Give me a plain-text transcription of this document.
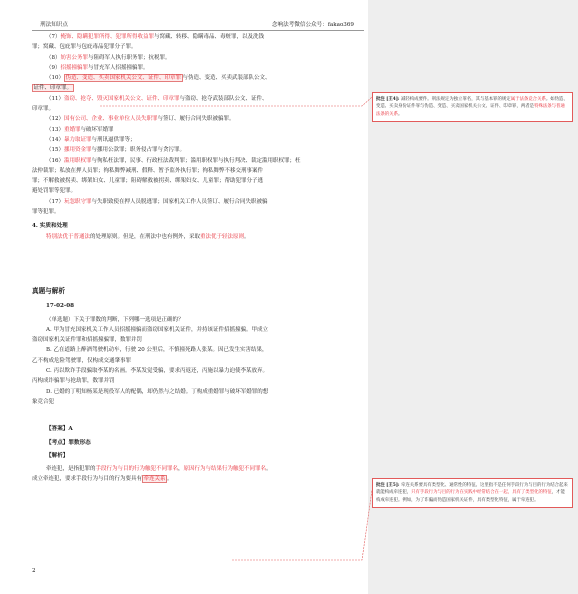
刑法知识点	念响法考微信公众号：fakao369

（7）掩饰、隐瞒犯罪所得、犯罪所得收益罪与窝藏、转移、隐瞒毒品、毒赃罪，以及洗钱

罪；窝藏、包庇罪与包庇毒品犯罪分子罪。

（8）妨害公务罪与阻碍军人执行职务罪；抗税罪。

（9）招摇撞骗罪与冒充军人招摇撞骗罪。

（10） 伪造、变造、买卖国家机关公文、证件、印章罪 与伪造、变造、买卖武装部队公文、

证件、印章罪。

（11）盗窃、抢夺、毁灭国家机关公文、证件、印章罪与盗窃、抢夺武装部队公文、证件、

印章罪。

（12）国有公司、企业、事业单位人员失职罪与签订、履行合同失职被骗罪。

（13）重婚罪与破坏军婚罪

（14）暴力取证罪与刑讯逼供罪等；

（15）挪用资金罪与挪用公款罪；职务侵占罪与贪污罪。

（16）滥用职权罪与徇私枉法罪，民事、行政枉法裁判罪；滥用职权罪与执行判决、裁定滥用职权罪；枉

法仲裁罪；私放在押人员罪；徇私舞弊减刑、假释、暂予监外执行罪；徇私舞弊不移交刑事案件

罪；不解救被拐卖、绑架妇女、儿童罪；阻碍解救被拐卖、绑架妇女、儿童罪；帮助犯罪分子逃

避处罚罪等犯罪。

（17）玩忽职守罪与失职致使在押人员脱逃罪；国家机关工作人员签订、履行合同失职被骗

罪等犯罪。

4. 实质和处理

特别法优于普通法的处理原则。但是，在刑法中也有例外，采取重法优于轻法原则。

真题与解析

17-02-08

（单选题）下关于罪数的判断，下列哪一选项是正确的？

A. 甲为冒充国家机关工作人员招摇撞骗而盗窃国家机关证件，并持该证件招摇撞骗。甲成立

盗窃国家机关证件罪和招摇撞骗罪，数罪并罚

B. 乙在道路上醉酒驾驶机动车，行驶 20 公里后，不慎撞死路人张某。因已发生实害结果，

乙不构成危险驾驶罪，仅构成交通肇事罪

C. 丙以欺诈手段骗取李某的名画。李某发觉受骗，要求丙返还，丙施以暴力迫使李某放弃。

丙构成诈骗罪与抢劫罪，数罪并罚

D. 已婚的丁明知杨某是现役军人的配偶，却仍然与之结婚。丁构成重婚罪与破坏军婚罪的想

象竞合犯

【答案】A

【考点】罪数形态

【解析】

牵连犯，是指犯罪的手段行为与目的行为触犯不同罪名，原因行为与结果行为触犯不同罪名。

成立牵连犯，要求手段行为与目的行为要具有 牵连关系 。

2
批注 [王4]: 减轻构成要件。刑法规定为独立罪名，其与基本罪的规定属于法条竞合关系。如伪造、变造、买卖身份证件罪与伪造、变造、买卖国家机关公文、证件、印章罪，两者是特殊法条与普通法条的关系。
批注 [王5]: 牵连关系要具有类型化、通常性的特征。这里指不是任何手段行为与目的行为结合起来就能构成牵连犯，只有手段行为与目的行为在实践中经常结合在一起，具有了类型化的特征，才能构成牵连犯。例如，为了诈骗而伪造国家机关证件，具有类型化特征，属于牵连犯。
